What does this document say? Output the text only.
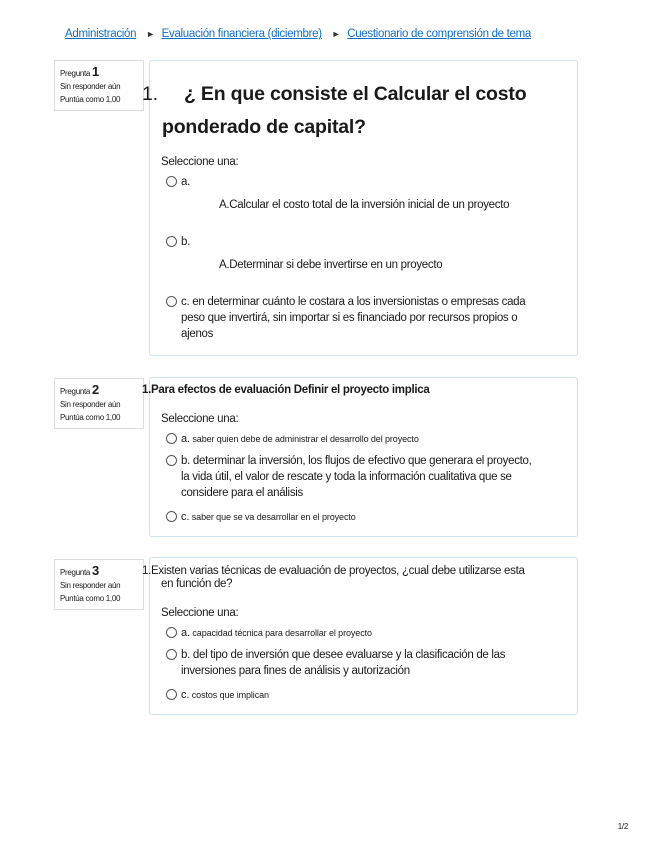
Administración ► Evaluación financiera (diciembre) ► Cuestionario de comprensión de tema
Pregunta 1
Sin responder aún
Puntúa como 1,00	1. ¿ En que consiste el Calcular el costo
ponderado de capital?
Seleccione una:
a.
A.Calcular el costo total de la inversión inicial de un proyecto
b.
A.Determinar si debe invertirse en un proyecto
c. en determinar cuánto le costara a los inversionistas o empresas cada peso que invertirá, sin importar si es financiado por recursos propios o ajenos
Pregunta 2
Sin responder aún
Puntúa como 1,00
1.Para efectos de evaluación Definir el proyecto implica
Seleccione una:
a. saber quien debe de administrar el desarrollo del proyecto
b. determinar la inversión, los flujos de efectivo que generara el proyecto, la vida útil, el valor de rescate y toda la información cualitativa que se considere para el análisis
c. saber que se va desarrollar en el proyecto
Pregunta 3
Sin responder aún
Puntúa como 1,00
1.Existen varias técnicas de evaluación de proyectos, ¿cual debe utilizarse esta
en función de?
Seleccione una:
a. capacidad técnica para desarrollar el proyecto
b. del tipo de inversión que desee evaluarse y la clasificación de las inversiones para fines de análisis y autorización
c. costos que implican
1/2
